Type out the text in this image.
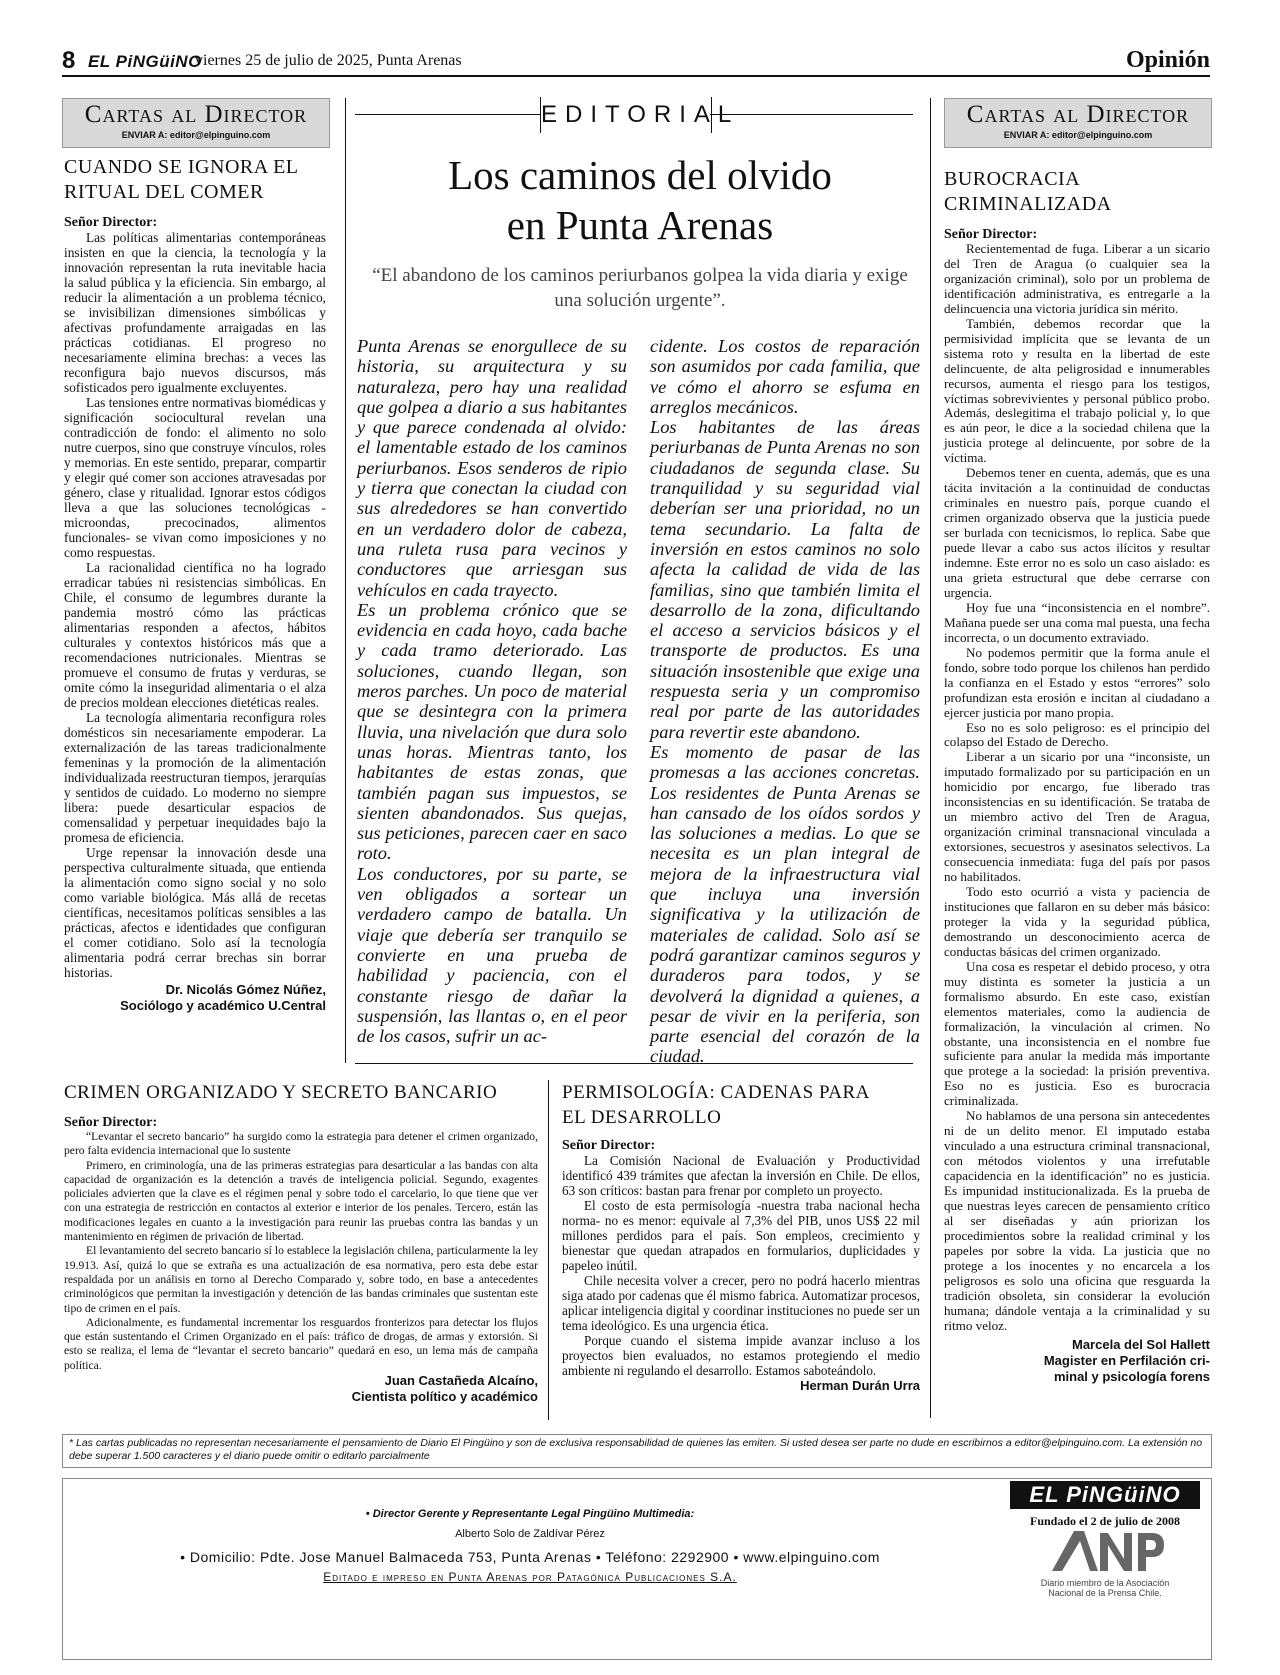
8 EL PiNGüiNO
viernes 25 de julio de 2025, Punta Arenas	Opinión
Cartas al Director
ENVIAR A: editor@elpinguino.com
CUANDO SE IGNORA EL
RITUAL DEL COMER
Señor Director:

Las políticas alimentarias contemporáneas insisten en que la ciencia, la tecnología y la innovación representan la ruta inevitable hacia la salud pública y la eficiencia. Sin embargo, al reducir la alimentación a un problema técnico, se invisibilizan dimensiones simbólicas y afectivas profundamente arraigadas en las prácticas cotidianas. El progreso no necesariamente elimina brechas: a veces las reconfigura bajo nuevos discursos, más sofisticados pero igualmente excluyentes.

Las tensiones entre normativas biomédicas y significación sociocultural revelan una contradicción de fondo: el alimento no solo nutre cuerpos, sino que construye vínculos, roles y memorias. En este sentido, preparar, compartir y elegir qué comer son acciones atravesadas por género, clase y ritualidad. Ignorar estos códigos lleva a que las soluciones tecnológicas -microondas, precocinados, alimentos funcionales- se vivan como imposiciones y no como respuestas.

La racionalidad científica no ha logrado erradicar tabúes ni resistencias simbólicas. En Chile, el consumo de legumbres durante la pandemia mostró cómo las prácticas alimentarias responden a afectos, hábitos culturales y contextos históricos más que a recomendaciones nutricionales. Mientras se promueve el consumo de frutas y verduras, se omite cómo la inseguridad alimentaria o el alza de precios moldean elecciones dietéticas reales.

La tecnología alimentaria reconfigura roles domésticos sin necesariamente empoderar. La externalización de las tareas tradicionalmente femeninas y la promoción de la alimentación individualizada reestructuran tiempos, jerarquías y sentidos de cuidado. Lo moderno no siempre libera: puede desarticular espacios de comensalidad y perpetuar inequidades bajo la promesa de eficiencia.

Urge repensar la innovación desde una perspectiva culturalmente situada, que entienda la alimentación como signo social y no solo como variable biológica. Más allá de recetas científicas, necesitamos políticas sensibles a las prácticas, afectos e identidades que configuran el comer cotidiano. Solo así la tecnología alimentaria podrá cerrar brechas sin borrar historias.

Dr. Nicolás Gómez Núñez,
Sociólogo y académico U.Central
EDITORIAL
Los caminos del olvido
en Punta Arenas
“El abandono de los caminos periurbanos golpea la vida diaria y exige una solución urgente”.

Punta Arenas se enorgullece de su historia, su arquitectura y su naturaleza, pero hay una realidad que golpea a diario a sus habitantes y que parece condenada al olvido: el lamentable estado de los caminos periurbanos. Esos senderos de ripio y tierra que conectan la ciudad con sus alrededores se han convertido en un verdadero dolor de cabeza, una ruleta rusa para vecinos y conductores que arriesgan sus vehículos en cada trayecto.

Es un problema crónico que se evidencia en cada hoyo, cada bache y cada tramo deteriorado. Las soluciones, cuando llegan, son meros parches. Un poco de material que se desintegra con la primera lluvia, una nivelación que dura solo unas horas. Mientras tanto, los habitantes de estas zonas, que también pagan sus impuestos, se sienten abandonados. Sus quejas, sus peticiones, parecen caer en saco roto.

Los conductores, por su parte, se ven obligados a sortear un verdadero campo de batalla. Un viaje que debería ser tranquilo se convierte en una prueba de habilidad y paciencia, con el constante riesgo de dañar la suspensión, las llantas o, en el peor de los casos, sufrir un ac-

cidente. Los costos de reparación son asumidos por cada familia, que ve cómo el ahorro se esfuma en arreglos mecánicos.

Los habitantes de las áreas periurbanas de Punta Arenas no son ciudadanos de segunda clase. Su tranquilidad y su seguridad vial deberían ser una prioridad, no un tema secundario. La falta de inversión en estos caminos no solo afecta la calidad de vida de las familias, sino que también limita el desarrollo de la zona, dificultando el acceso a servicios básicos y el transporte de productos. Es una situación insostenible que exige una respuesta seria y un compromiso real por parte de las autoridades para revertir este abandono.

Es momento de pasar de las promesas a las acciones concretas. Los residentes de Punta Arenas se han cansado de los oídos sordos y las soluciones a medias. Lo que se necesita es un plan integral de mejora de la infraestructura vial que incluya una inversión significativa y la utilización de materiales de calidad. Solo así se podrá garantizar caminos seguros y duraderos para todos, y se devolverá la dignidad a quienes, a pesar de vivir en la periferia, son parte esencial del corazón de la ciudad.

Cartas al Director
ENVIAR A: editor@elpinguino.com
BUROCRACIA
CRIMINALIZADA
Señor Director:

Recientementad de fuga. Liberar a un sicario del Tren de Aragua (o cualquier sea la organización criminal), solo por un problema de identificación administrativa, es entregarle a la delincuencia una victoria jurídica sin mérito.

También, debemos recordar que la permisividad implícita que se levanta de un sistema roto y resulta en la libertad de este delincuente, de alta peligrosidad e innumerables recursos, aumenta el riesgo para los testigos, víctimas sobrevivientes y personal público probo. Además, deslegitima el trabajo policial y, lo que es aún peor, le dice a la sociedad chilena que la justicia protege al delincuente, por sobre de la víctima.

Debemos tener en cuenta, además, que es una tácita invitación a la continuidad de conductas criminales en nuestro país, porque cuando el crimen organizado observa que la justicia puede ser burlada con tecnicismos, lo replica. Sabe que puede llevar a cabo sus actos ilícitos y resultar indemne. Este error no es solo un caso aislado: es una grieta estructural que debe cerrarse con urgencia.

Hoy fue una “inconsistencia en el nombre”. Mañana puede ser una coma mal puesta, una fecha incorrecta, o un documento extraviado.

No podemos permitir que la forma anule el fondo, sobre todo porque los chilenos han perdido la confianza en el Estado y estos “errores” solo profundizan esta erosión e incitan al ciudadano a ejercer justicia por mano propia.

Eso no es solo peligroso: es el principio del colapso del Estado de Derecho.

Liberar a un sicario por una “inconsiste, un imputado formalizado por su participación en un homicidio por encargo, fue liberado tras inconsistencias en su identificación. Se trataba de un miembro activo del Tren de Aragua, organización criminal transnacional vinculada a extorsiones, secuestros y asesinatos selectivos. La consecuencia inmediata: fuga del país por pasos no habilitados.

Todo esto ocurrió a vista y paciencia de instituciones que fallaron en su deber más básico: proteger la vida y la seguridad pública, demostrando un desconocimiento acerca de conductas básicas del crimen organizado.

Una cosa es respetar el debido proceso, y otra muy distinta es someter la justicia a un formalismo absurdo. En este caso, existían elementos materiales, como la audiencia de formalización, la vinculación al crimen. No obstante, una inconsistencia en el nombre fue suficiente para anular la medida más importante que protege a la sociedad: la prisión preventiva. Eso no es justicia. Eso es burocracia criminalizada.

No hablamos de una persona sin antecedentes ni de un delito menor. El imputado estaba vinculado a una estructura criminal transnacional, con métodos violentos y una irrefutable capacidencia en la identificación” no es justicia. Es impunidad institucionalizada. Es la prueba de que nuestras leyes carecen de pensamiento crítico al ser diseñadas y aún priorizan los procedimientos sobre la realidad criminal y los papeles por sobre la vida. La justicia que no protege a los inocentes y no encarcela a los peligrosos es solo una oficina que resguarda la tradición obsoleta, sin considerar la evolución humana; dándole ventaja a la criminalidad y su ritmo veloz.

Marcela del Sol Hallett
Magister en Perfilación cri-
minal y psicología forens
CRIMEN ORGANIZADO Y SECRETO BANCARIO
Señor Director:

“Levantar el secreto bancario” ha surgido como la estrategia para detener el crimen organizado, pero falta evidencia internacional que lo sustente

Primero, en criminología, una de las primeras estrategias para desarticular a las bandas con alta capacidad de organización es la detención a través de inteligencia policial. Segundo, exagentes policiales advierten que la clave es el régimen penal y sobre todo el carcelario, lo que tiene que ver con una estrategia de restricción en contactos al exterior e interior de los penales. Tercero, están las modificaciones legales en cuanto a la investigación para reunir las pruebas contra las bandas y un mantenimiento en régimen de privación de libertad.

El levantamiento del secreto bancario sí lo establece la legislación chilena, particularmente la ley 19.913. Así, quizá lo que se extraña es una actualización de esa normativa, pero esta debe estar respaldada por un análisis en torno al Derecho Comparado y, sobre todo, en base a antecedentes criminológicos que permitan la investigación y detención de las bandas criminales que sustentan este tipo de crimen en el país.

Adicionalmente, es fundamental incrementar los resguardos fronterizos para detectar los flujos que están sustentando el Crimen Organizado en el país: tráfico de drogas, de armas y extorsión. Si esto se realiza, el lema de “levantar el secreto bancario” quedará en eso, un lema más de campaña política.

Juan Castañeda Alcaíno,
Cientista político y académico
PERMISOLOGÍA: CADENAS PARA
EL DESARROLLO
Señor Director:

La Comisión Nacional de Evaluación y Productividad identificó 439 trámites que afectan la inversión en Chile. De ellos, 63 son críticos: bastan para frenar por completo un proyecto.

El costo de esta permisología -nuestra traba nacional hecha norma- no es menor: equivale al 7,3% del PIB, unos US$ 22 mil millones perdidos para el país. Son empleos, crecimiento y bienestar que quedan atrapados en formularios, duplicidades y papeleo inútil.

Chile necesita volver a crecer, pero no podrá hacerlo mientras siga atado por cadenas que él mismo fabrica. Automatizar procesos, aplicar inteligencia digital y coordinar instituciones no puede ser un tema ideológico. Es una urgencia ética.

Porque cuando el sistema impide avanzar incluso a los proyectos bien evaluados, no estamos protegiendo el medio ambiente ni regulando el desarrollo. Estamos saboteándolo.

Herman Durán Urra
* Las cartas publicadas no representan necesariamente el pensamiento de Diario El Pingüino y son de exclusiva responsabilidad de quienes las emiten. Si usted desea ser parte no dude en escribirnos a editor@elpinguino.com. La extensión no debe superar 1.500 caracteres y el diario puede omitir o editarlo parcialmente
EL PiNGüiNO
Fundado el 2 de julio de 2008
• Director Gerente y Representante Legal Pingüino Multimedia:
Alberto Solo de Zaldívar Pérez
• Domicilio: Pdte. Jose Manuel Balmaceda 753, Punta Arenas • Teléfono: 2292900 • www.elpinguino.com
Editado e impreso en Punta Arenas por Patagónica Publicaciones S.A.	Diario miembro de la Asociación
Nacional de la Prensa Chile.
